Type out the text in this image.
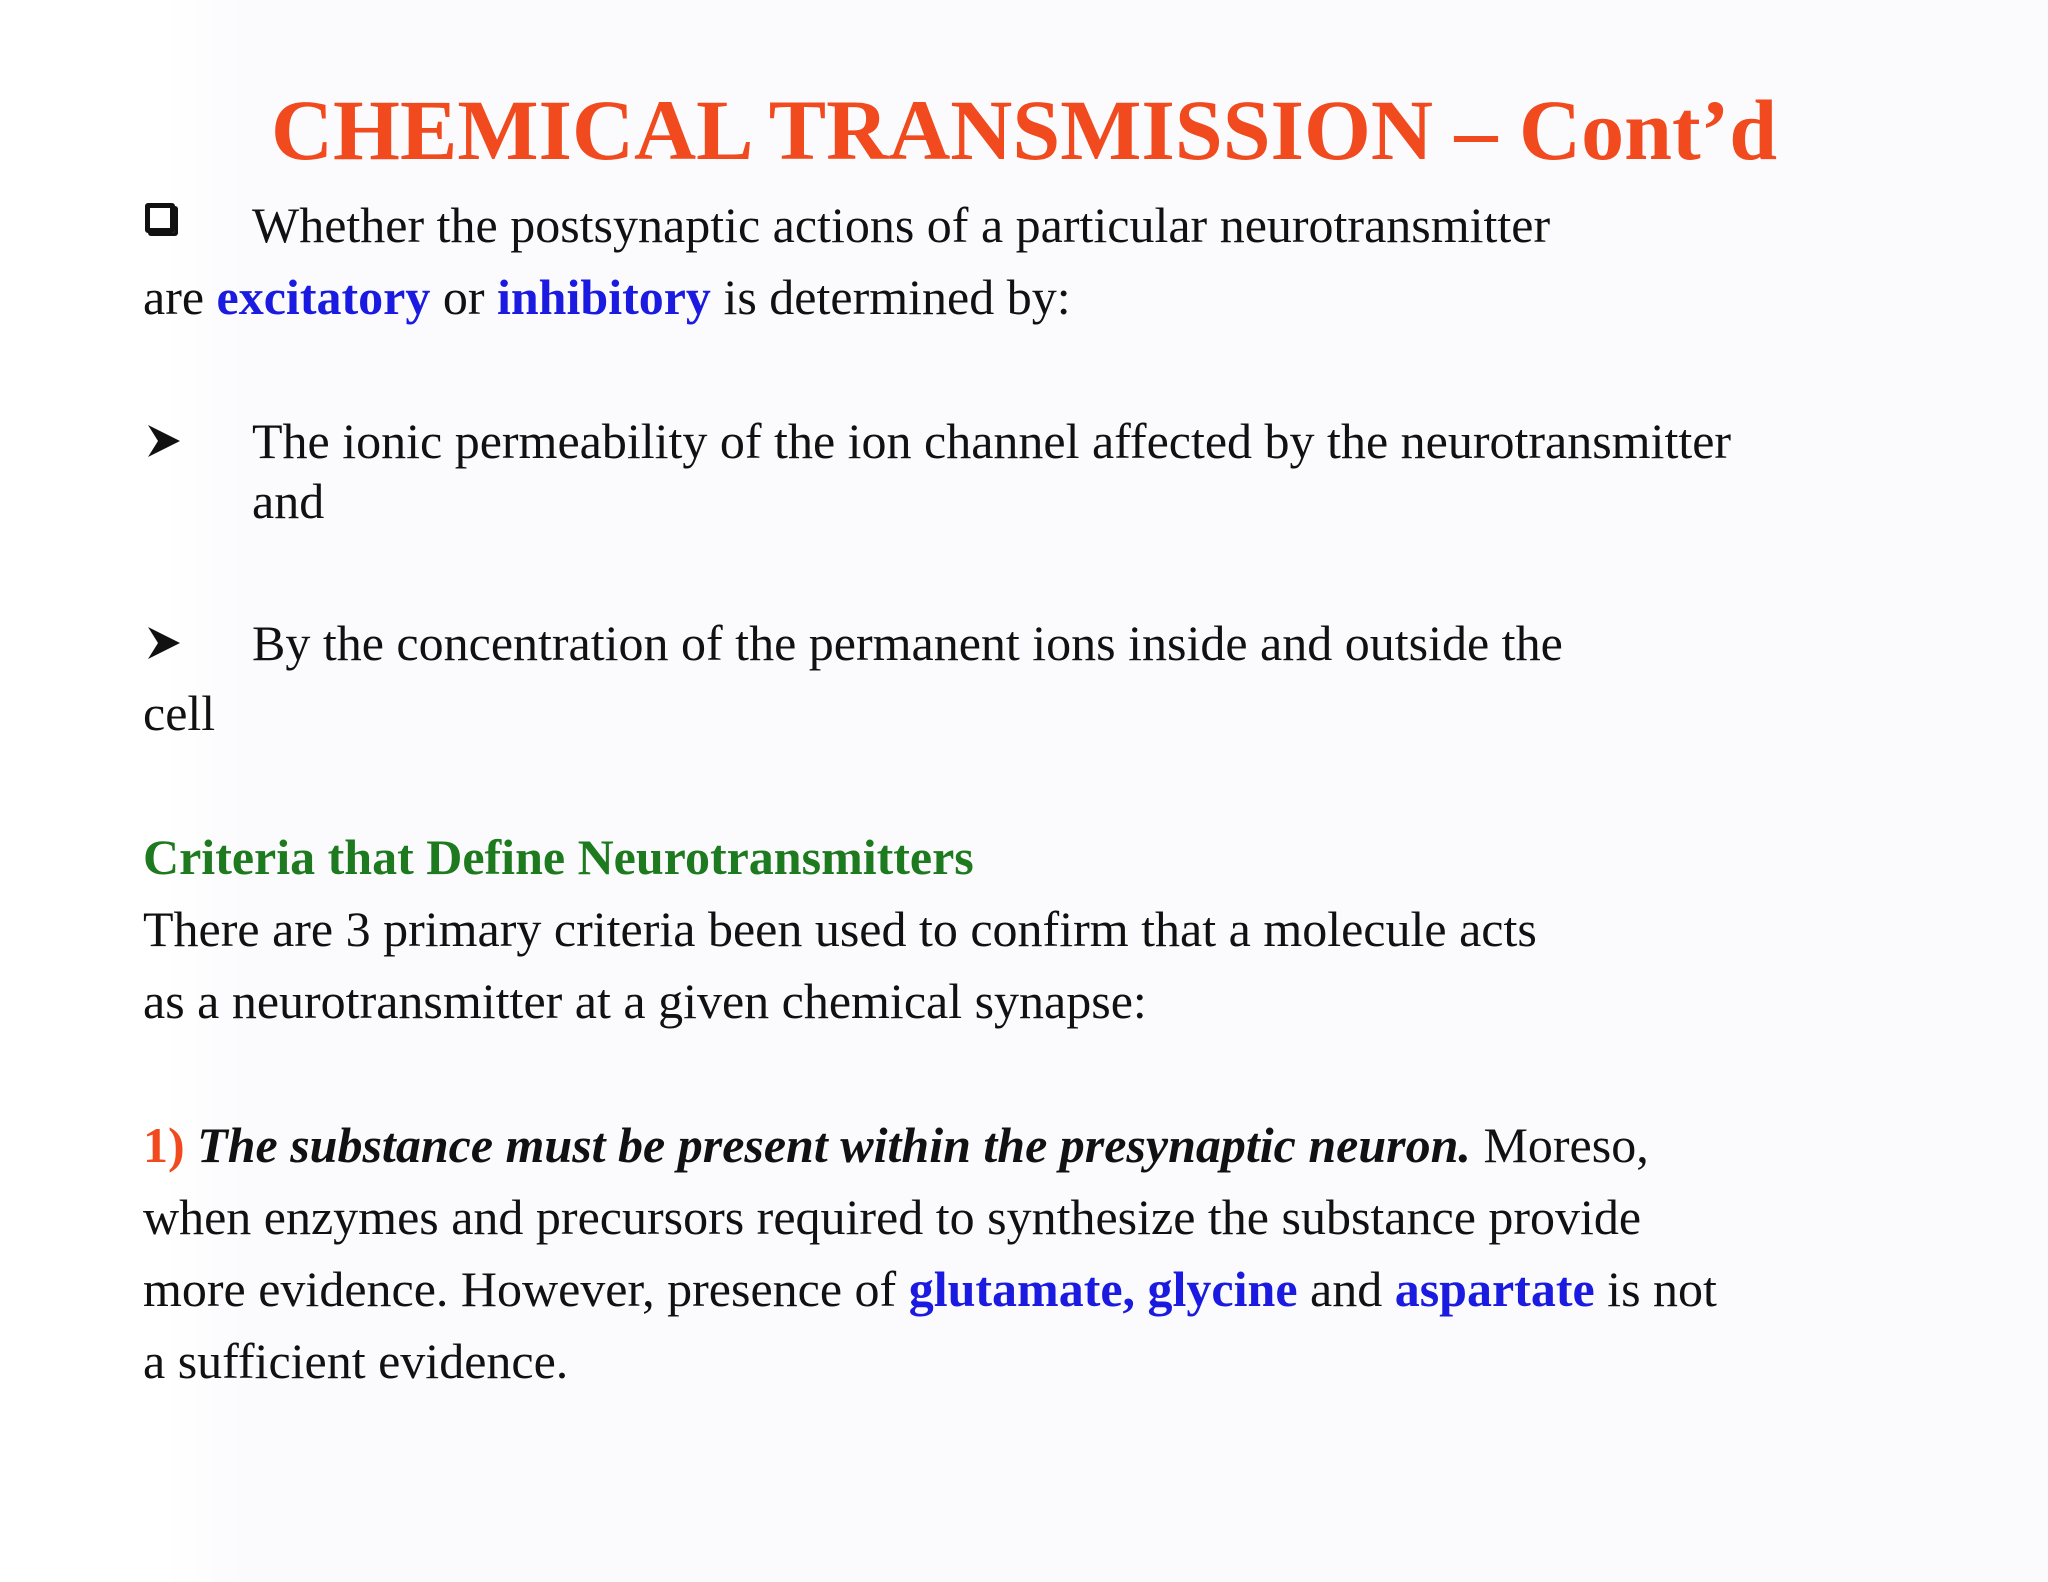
CHEMICAL TRANSMISSION – Cont’d
Whether the postsynaptic actions of a particular neurotransmitter
are excitatory or inhibitory is determined by:
The ionic permeability of the ion channel affected by the neurotransmitter
and
By the concentration of the permanent ions inside and outside the
cell
Criteria that Define Neurotransmitters
There are 3 primary criteria been used to confirm that a molecule acts
as a neurotransmitter at a given chemical synapse:
1) The substance must be present within the presynaptic neuron. Moreso,
when enzymes and precursors required to synthesize the substance provide
more evidence. However, presence of glutamate, glycine and aspartate is not
a sufficient evidence.
